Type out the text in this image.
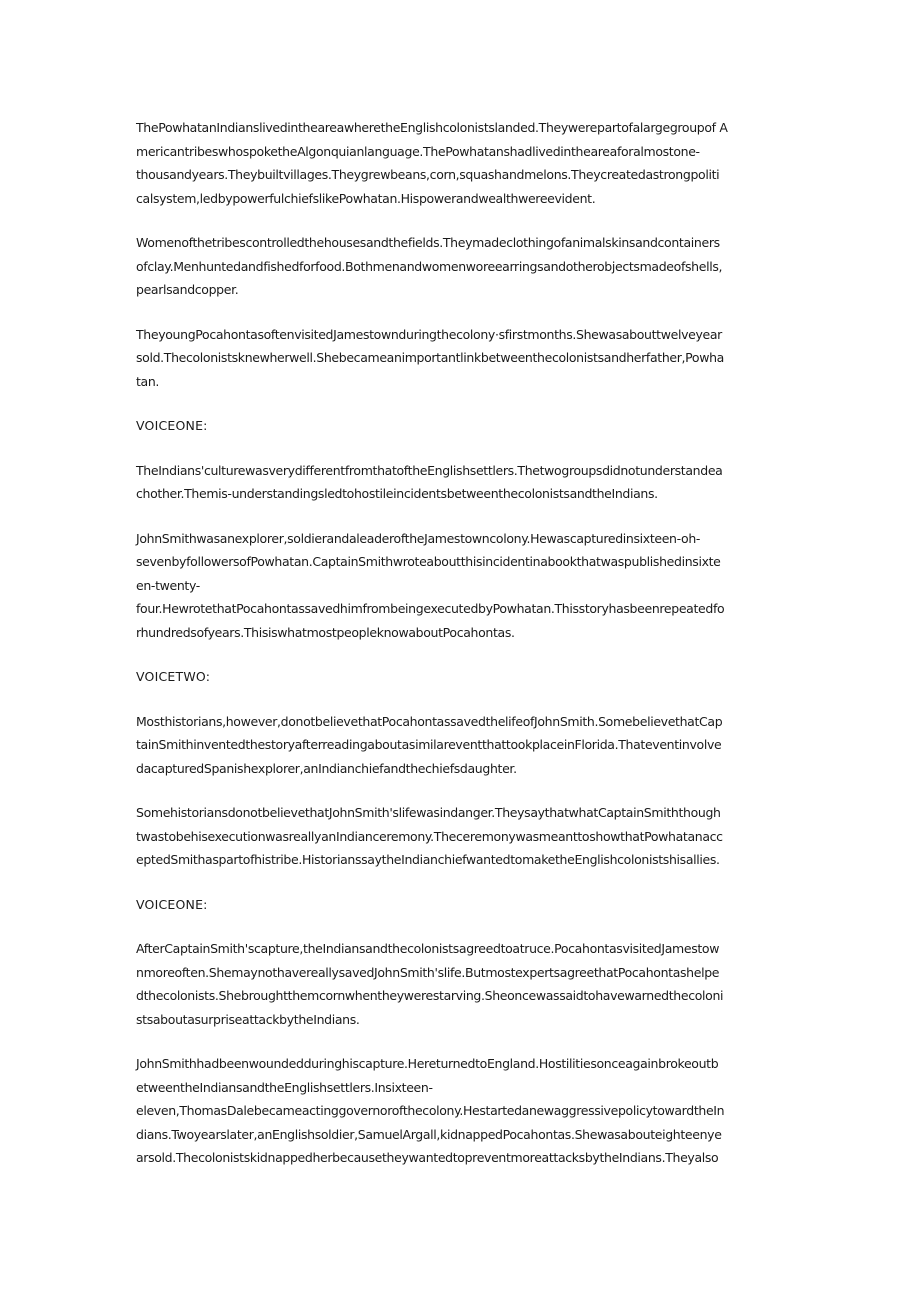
ThePowhatanIndianslivedintheareawheretheEnglishcolonistslanded.Theywerepartofalargegroupof A
mericantribeswhospoketheAlgonquianlanguage.ThePowhatanshadlivedintheareaforalmostone-
thousandyears.Theybuiltvillages.Theygrewbeans,corn,squashandmelons.Theycreatedastrongpoliti
calsystem,ledbypowerfulchiefslikePowhatan.Hispowerandwealthwereevident.
Womenofthetribescontrolledthehousesandthefields.Theymadeclothingofanimalskinsandcontainers
ofclay.Menhuntedandfishedforfood.Bothmenandwomenworeearringsandotherobjectsmadeofshells,
pearlsandcopper.
TheyoungPocahontasoftenvisitedJamestownduringthecolony·sfirstmonths.Shewasabouttwelveyear
sold.Thecolonistsknewherwell.Shebecameanimportantlinkbetweenthecolonistsandherfather,Powha
tan.
VOICEONE:
TheIndians'culturewasverydifferentfromthatoftheEnglishsettlers.Thetwogroupsdidnotunderstandea
chother.Themis-understandingsledtohostileincidentsbetweenthecolonistsandtheIndians.
JohnSmithwasanexplorer,soldierandaleaderoftheJamestowncolony.Hewascapturedinsixteen-oh-
sevenbyfollowersofPowhatan.CaptainSmithwroteaboutthisincidentinabookthatwaspublishedinsixte
en-twenty-
four.HewrotethatPocahontassavedhimfrombeingexecutedbyPowhatan.Thisstoryhasbeenrepeatedfo
rhundredsofyears.ThisiswhatmostpeopleknowaboutPocahontas.
VOICETWO:
Mosthistorians,however,donotbelievethatPocahontassavedthelifeofJohnSmith.SomebelievethatCap
tainSmithinventedthestoryafterreadingaboutasimilareventthattookplaceinFlorida.Thateventinvolve
dacapturedSpanishexplorer,anIndianchiefandthechiefsdaughter.
SomehistoriansdonotbelievethatJohnSmith'slifewasindanger.TheysaythatwhatCaptainSmiththough
twastobehisexecutionwasreallyanIndianceremony.TheceremonywasmeanttoshowthatPowhatanacc
eptedSmithaspartofhistribe.HistorianssaytheIndianchiefwantedtomaketheEnglishcolonistshisallies.
VOICEONE:
AfterCaptainSmith'scapture,theIndiansandthecolonistsagreedtoatruce.PocahontasvisitedJamestow
nmoreoften.ShemaynothavereallysavedJohnSmith'slife.ButmostexpertsagreethatPocahontashelpe
dthecolonists.Shebroughtthemcornwhentheywerestarving.Sheoncewassaidtohavewarnedthecoloni
stsaboutasurpriseattackbytheIndians.
JohnSmithhadbeenwoundedduringhiscapture.HereturnedtoEngland.Hostilitiesonceagainbrokeoutb
etweentheIndiansandtheEnglishsettlers.Insixteen-
eleven,ThomasDalebecameactinggovernorofthecolony.HestartedanewaggressivepolicytowardtheIn
dians.Twoyearslater,anEnglishsoldier,SamuelArgall,kidnappedPocahontas.Shewasabouteighteenye
arsold.ThecolonistskidnappedherbecausetheywantedtopreventmoreattacksbytheIndians.Theyalso
